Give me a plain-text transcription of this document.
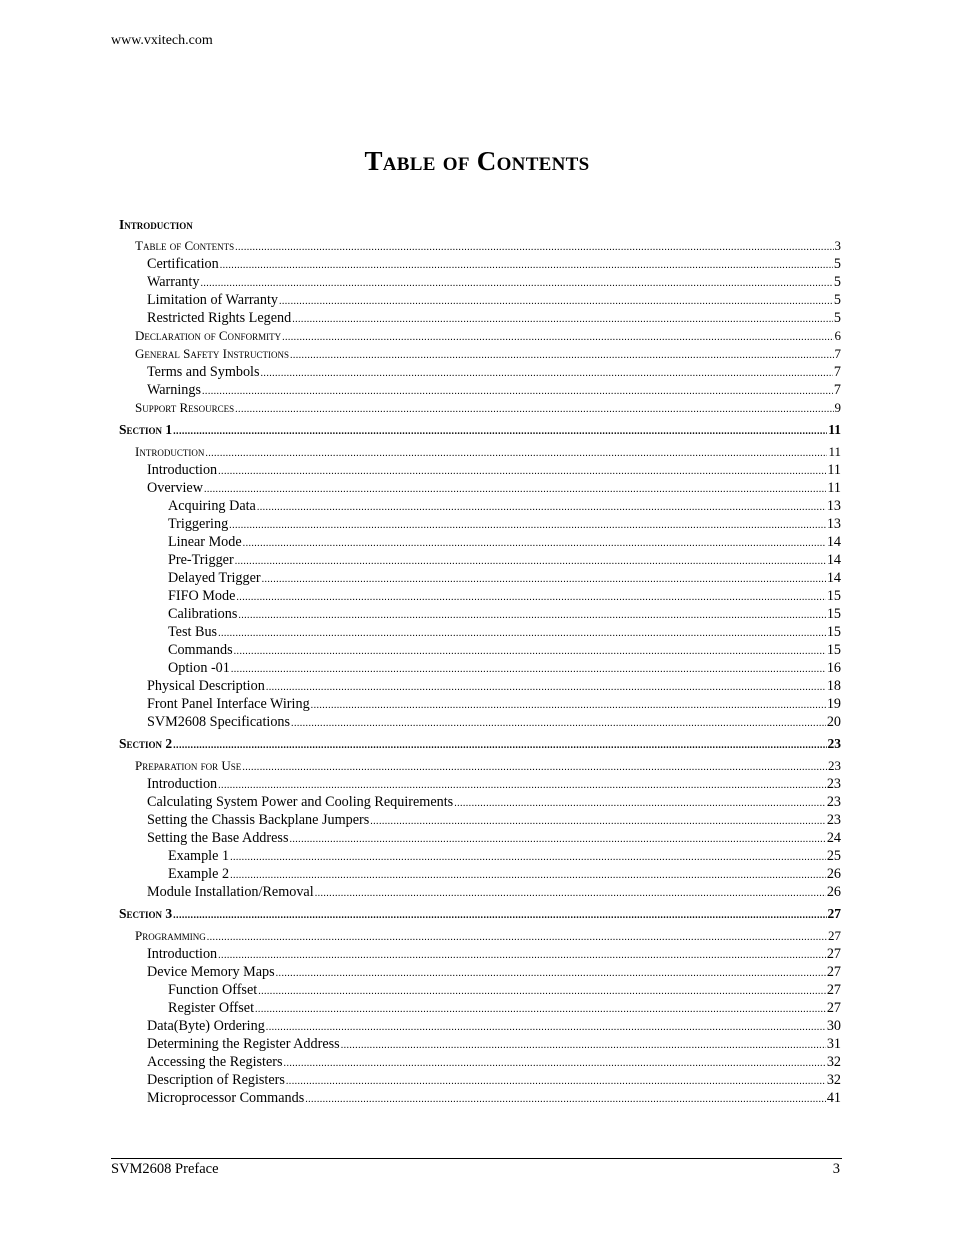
www.vxitech.com
Table of Contents
Introduction
Table of Contents .....	3
Certification .....	5
Warranty .....	5
Limitation of Warranty .....	5
Restricted Rights Legend .....	5
Declaration of Conformity .....	6
General Safety Instructions .....	7
Terms and Symbols .....	7
Warnings .....	7
Support Resources .....	9
Section 1 .....	11
Introduction .....	11
Introduction .....	11
Overview .....	11
Acquiring Data .....	13
Triggering .....	13
Linear Mode .....	14
Pre-Trigger .....	14
Delayed Trigger .....	14
FIFO Mode .....	15
Calibrations .....	15
Test Bus .....	15
Commands .....	15
Option -01 .....	16
Physical Description .....	18
Front Panel Interface Wiring .....	19
SVM2608 Specifications .....	20
Section 2 .....	23
Preparation for Use .....	23
Introduction .....	23
Calculating System Power and Cooling Requirements .....	23
Setting the Chassis Backplane Jumpers .....	23
Setting the Base Address .....	24
Example 1 .....	25
Example 2 .....	26
Module Installation/Removal .....	26
Section 3 .....	27
Programming .....	27
Introduction .....	27
Device Memory Maps .....	27
Function Offset .....	27
Register Offset .....	27
Data(Byte) Ordering .....	30
Determining the Register Address .....	31
Accessing the Registers .....	32
Description of Registers .....	32
Microprocessor Commands .....	41
SVM2608 Preface	3
